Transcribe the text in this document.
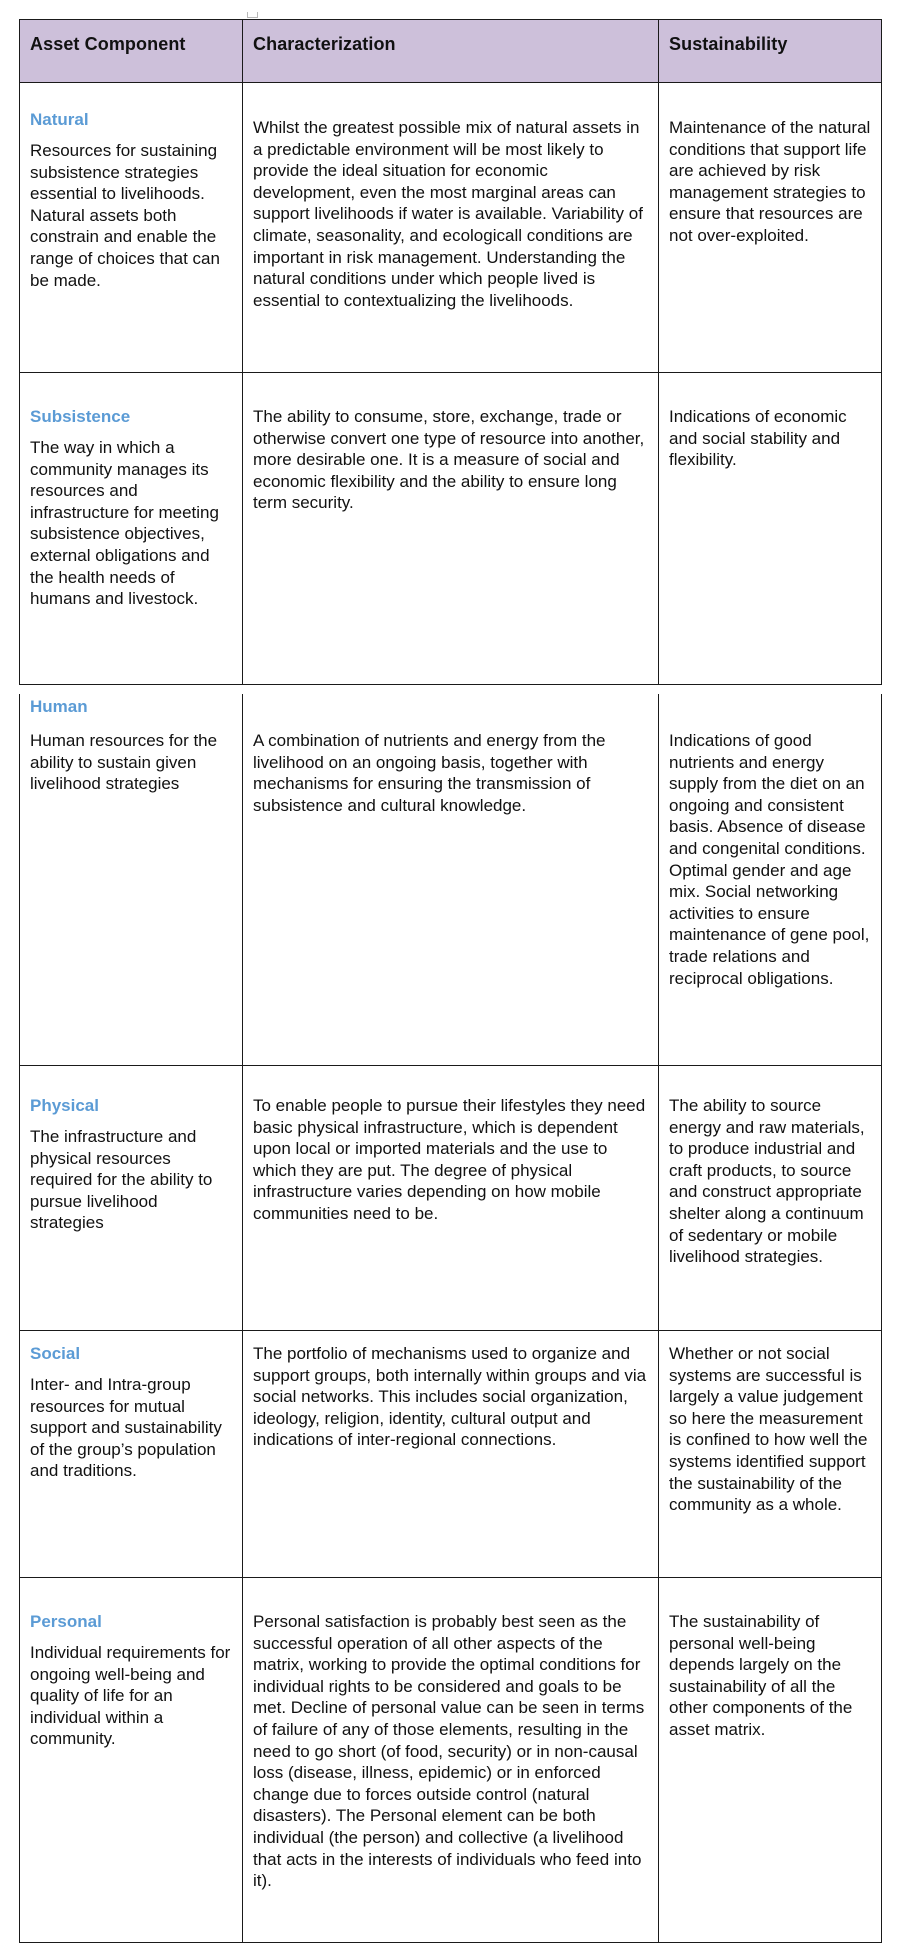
Asset Component	Characterization	Sustainability
Natural
Resources for sustaining subsistence strategies essential to livelihoods. Natural assets both constrain and enable the range of choices that can be made.
Whilst the greatest possible mix of natural assets in a predictable environment will be most likely to provide the ideal situation for economic development, even the most marginal areas can support livelihoods if water is available. Variability of climate, seasonality, and ecologicall conditions are important in risk management. Understanding the natural conditions under which people lived is essential to contextualizing the livelihoods.
Maintenance of the natural conditions that support life are achieved by risk management strategies to ensure that resources are not over-exploited.
Subsistence
The way in which a community manages its resources and infrastructure for meeting subsistence objectives, external obligations and the health needs of humans and livestock.
The ability to consume, store, exchange, trade or otherwise convert one type of resource into another, more desirable one. It is a measure of social and economic flexibility and the ability to ensure long term security.
Indications of economic and social stability and flexibility.
Human
Human resources for the ability to sustain given livelihood strategies
A combination of nutrients and energy from the livelihood on an ongoing basis, together with mechanisms for ensuring the transmission of subsistence and cultural knowledge.
Indications of good nutrients and energy supply from the diet on an ongoing and consistent basis. Absence of disease and congenital conditions. Optimal gender and age mix. Social networking activities to ensure maintenance of gene pool, trade relations and reciprocal obligations.
Physical
The infrastructure and physical resources required for the ability to pursue livelihood strategies
To enable people to pursue their lifestyles they need basic physical infrastructure, which is dependent upon local or imported materials and the use to which they are put. The degree of physical infrastructure varies depending on how mobile communities need to be.
The ability to source energy and raw materials, to produce industrial and craft products, to source and construct appropriate shelter along a continuum of sedentary or mobile livelihood strategies.
Social
Inter- and Intra-group resources for mutual support and sustainability of the group’s population and traditions.
The portfolio of mechanisms used to organize and support groups, both internally within groups and via social networks. This includes social organization, ideology, religion, identity, cultural output and indications of inter-regional connections.
Whether or not social systems are successful is largely a value judgement so here the measurement is confined to how well the systems identified support the sustainability of the community as a whole.
Personal
Individual requirements for ongoing well-being and quality of life for an individual within a community.
Personal satisfaction is probably best seen as the successful operation of all other aspects of the matrix, working to provide the optimal conditions for individual rights to be considered and goals to be met. Decline of personal value can be seen in terms of failure of any of those elements, resulting in the need to go short (of food, security) or in non-causal loss (disease, illness, epidemic) or in enforced change due to forces outside control (natural disasters). The Personal element can be both individual (the person) and collective (a livelihood that acts in the interests of individuals who feed into it).
The sustainability of personal well-being depends largely on the sustainability of all the other components of the asset matrix.
